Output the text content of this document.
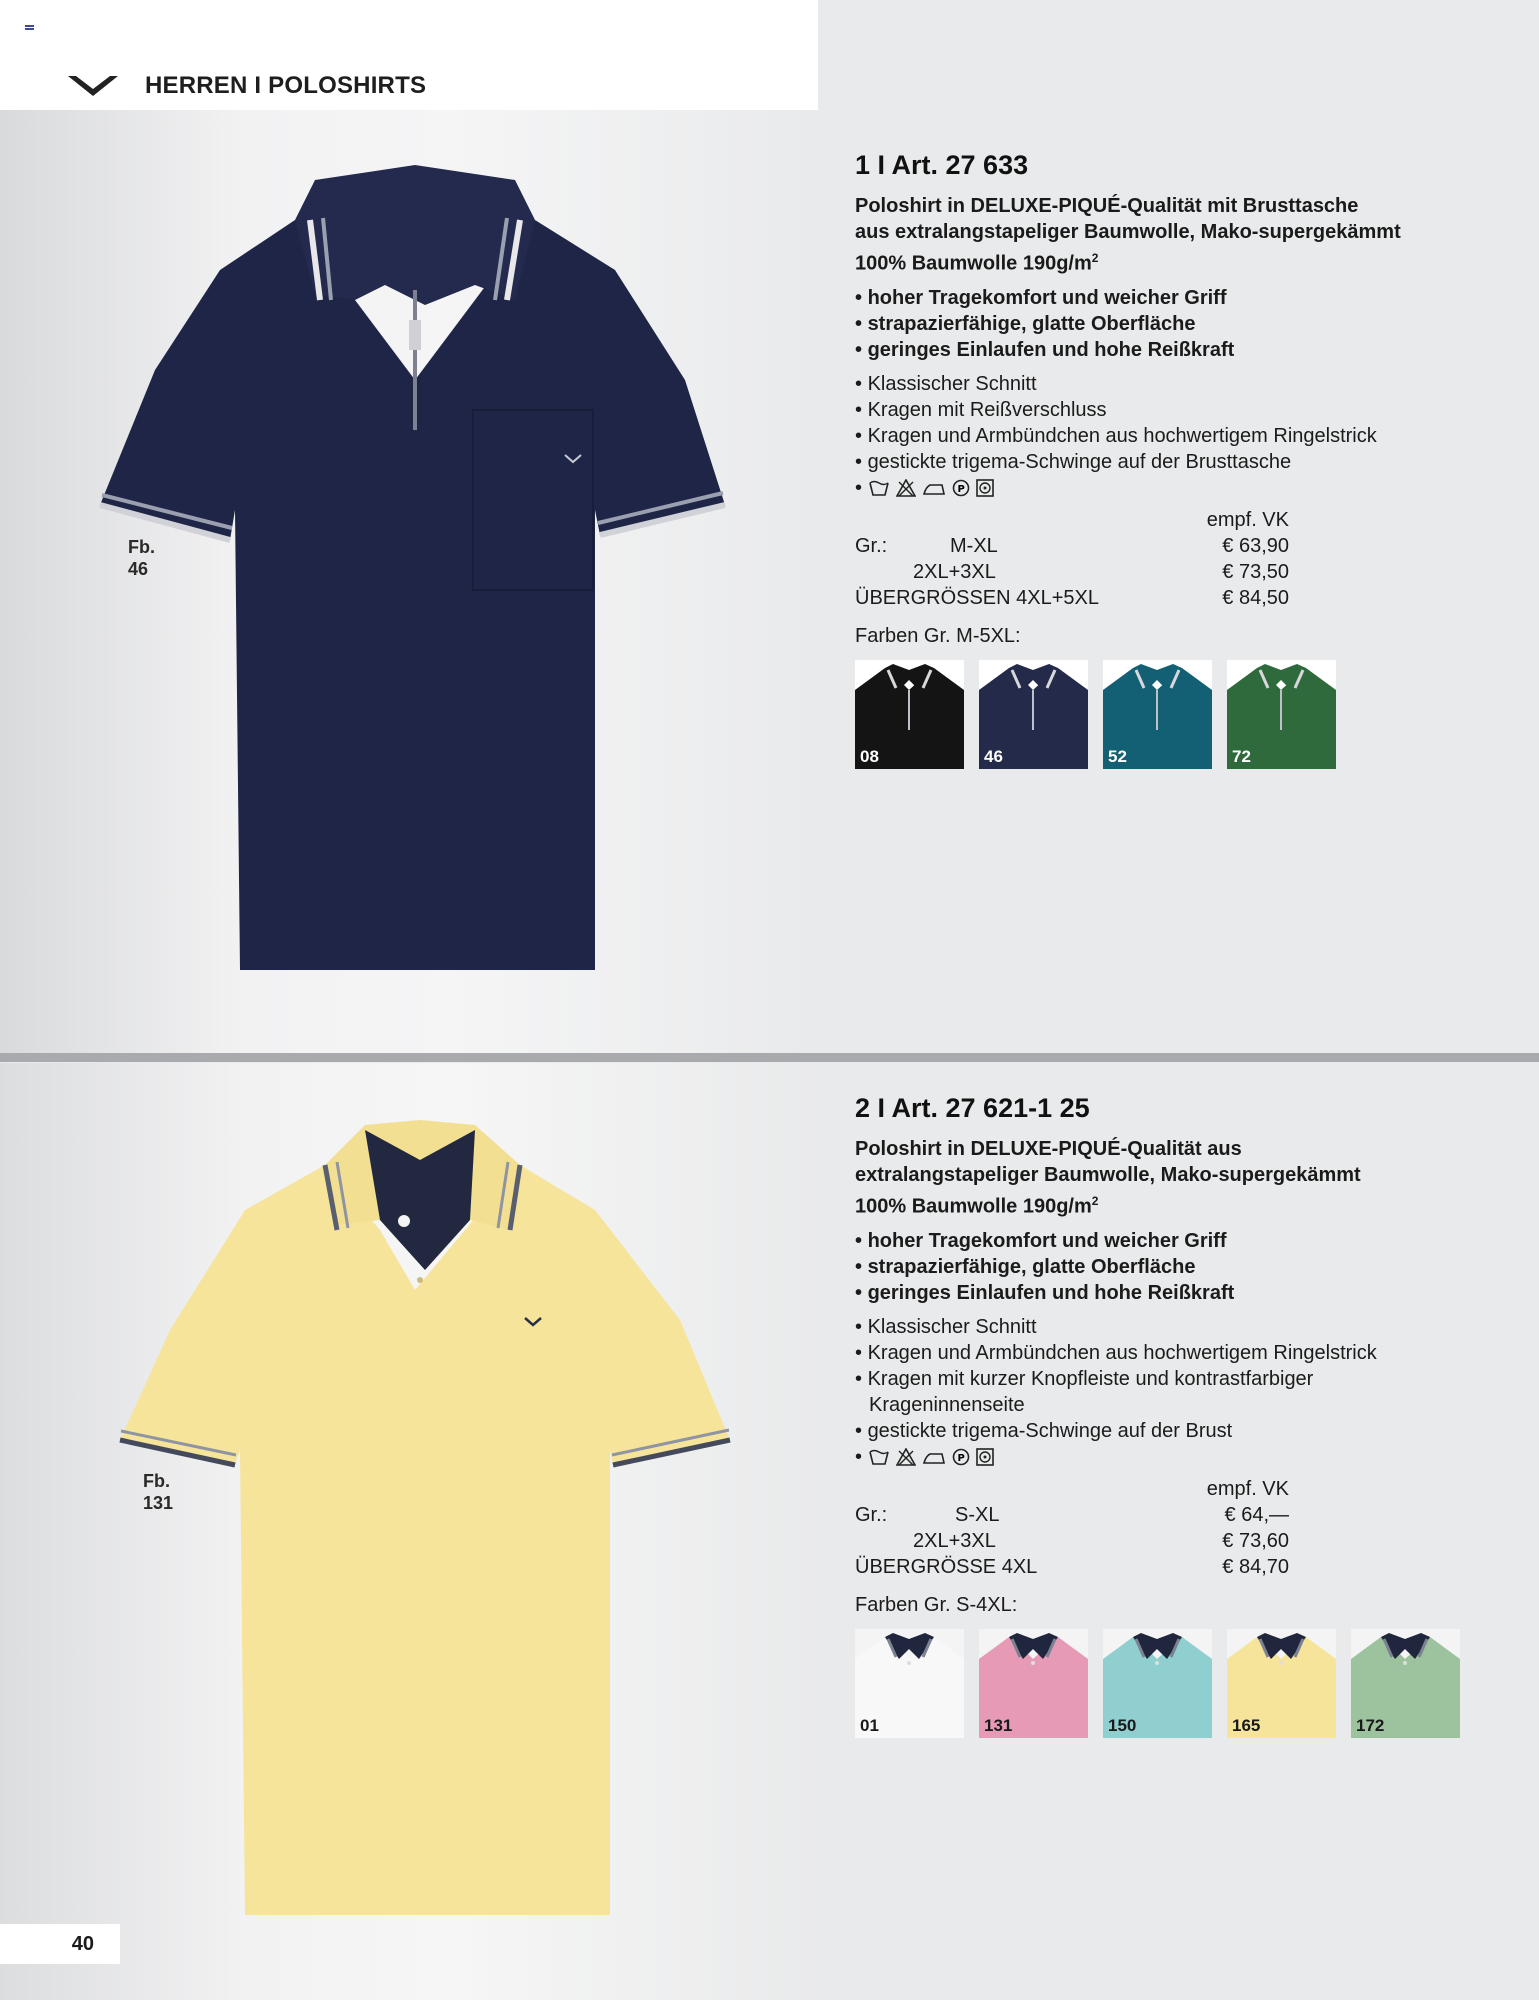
HERREN I POLOSHIRTS
Fb.
46
1 I Art. 27 633
Poloshirt in DELUXE-PIQUÉ-Qualität mit Brusttasche
aus extralangstapeliger Baumwolle, Mako-supergekämmt
100% Baumwolle $190g/m^2$
• hoher Tragekomfort und weicher Griff
• strapazierfähige, glatte Oberfläche
• geringes Einlaufen und hohe Reißkraft
• Klassischer Schnitt
• Kragen mit Reißverschluss
• Kragen und Armbündchen aus hochwertigem Ringelstrick
• gestickte trigema-Schwinge auf der Brusttasche
•	P
empf. VK
Gr.:	M-XL	€ 63,90
2XL+3XL	€ 73,50
ÜBERGRÖSSEN 4XL+5XL	€ 84,50
Farben Gr. M-5XL:
08	46	52	72
Fb.
131
2 I Art. 27 621-1 25
Poloshirt in DELUXE-PIQUÉ-Qualität aus
extralangstapeliger Baumwolle, Mako-supergekämmt
100% Baumwolle $190g/m^2$
• hoher Tragekomfort und weicher Griff
• strapazierfähige, glatte Oberfläche
• geringes Einlaufen und hohe Reißkraft
• Klassischer Schnitt
• Kragen und Armbündchen aus hochwertigem Ringelstrick
• Kragen mit kurzer Knopfleiste und kontrastfarbiger
Krageninnenseite
• gestickte trigema-Schwinge auf der Brust
•	P
empf. VK
Gr.:	S-XL	€ 64,—
2XL+3XL	€ 73,60
ÜBERGRÖSSE 4XL	€ 84,70
Farben Gr. S-4XL:
01	131	150	165	172
40
